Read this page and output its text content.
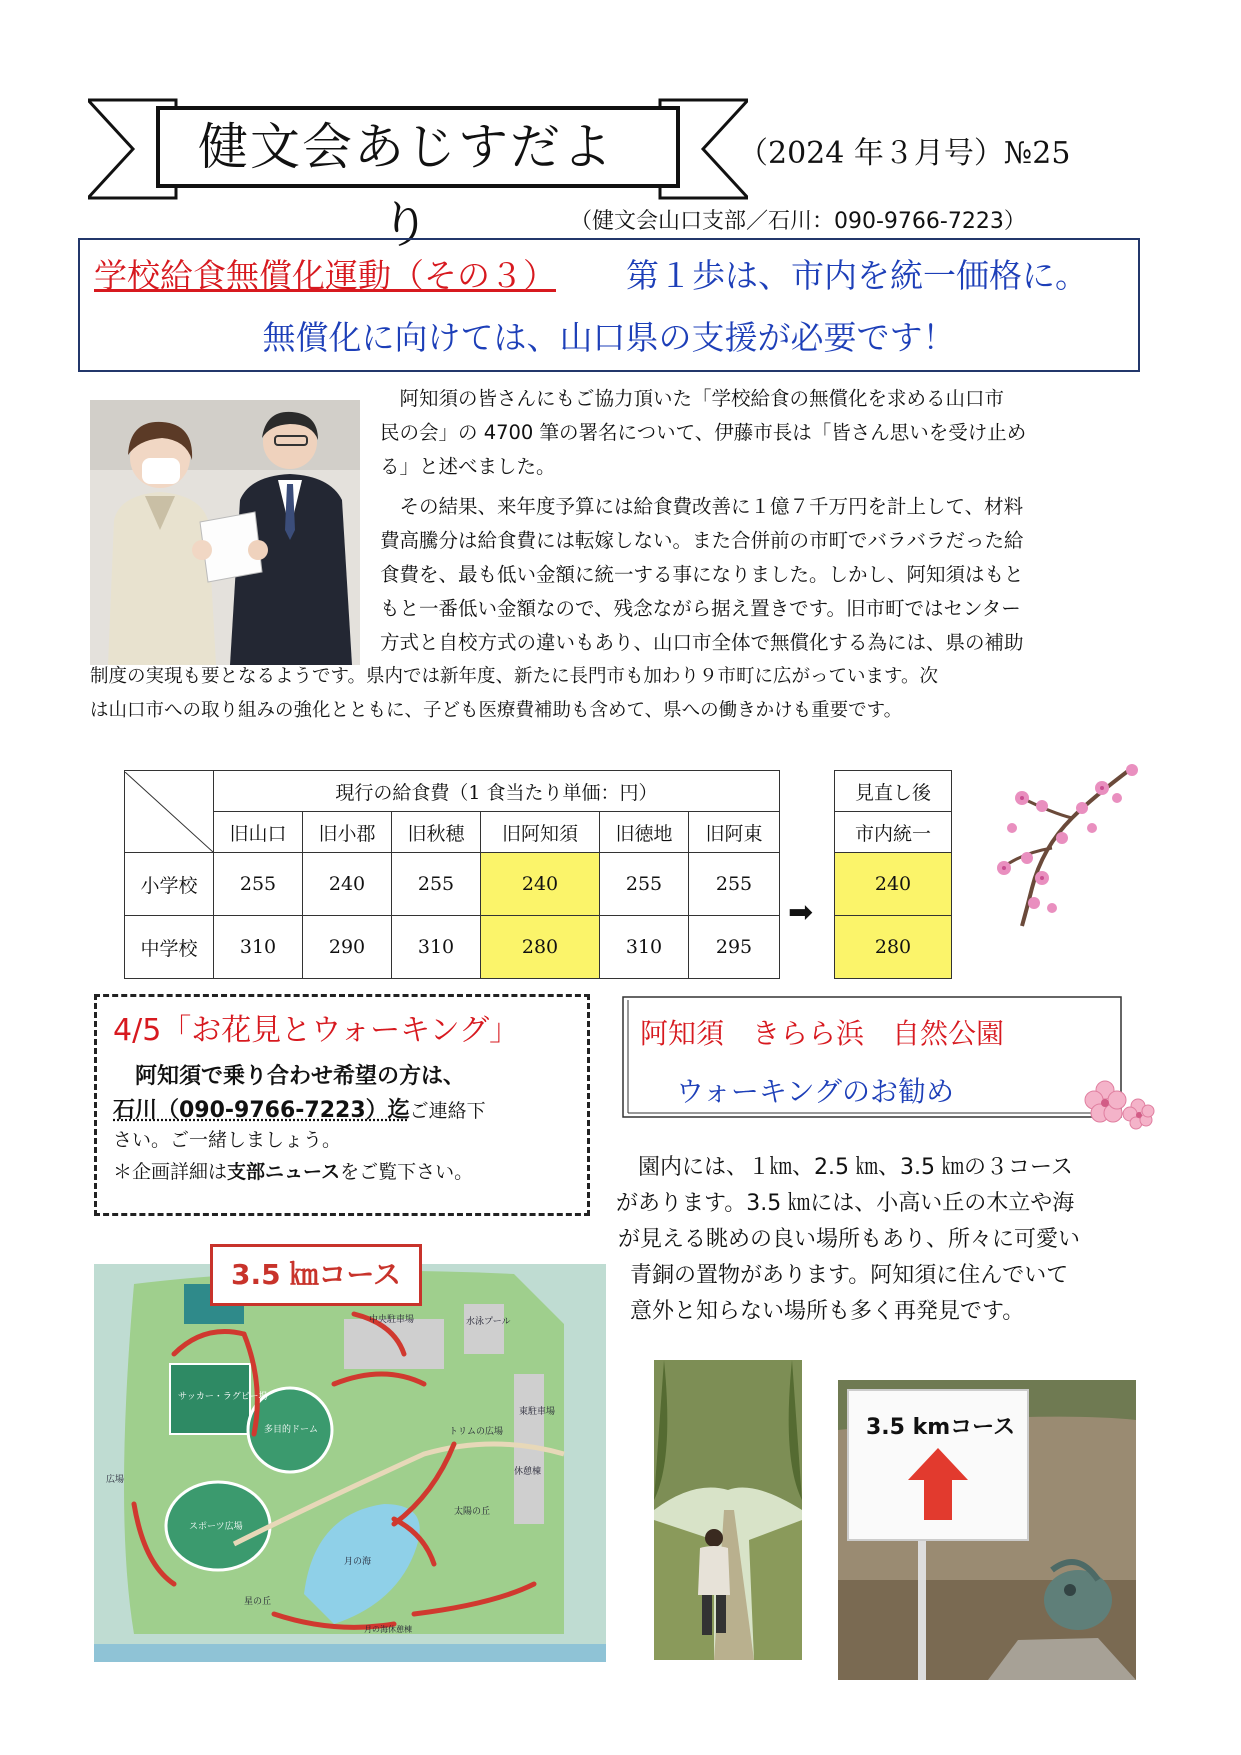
健文会あじすだより
（2024 年３月号）№25
（健文会山口支部／石川：090-9766-7223）
学校給食無償化運動（その３） 第１歩は、市内を統一価格に。
無償化に向けては、山口県の支援が必要です！
　阿知須の皆さんにもご協力頂いた「学校給食の無償化を求める山口市
民の会」の 4700 筆の署名について、伊藤市長は「皆さん思いを受け止め
る」と述べました。
　その結果、来年度予算には給食費改善に１億７千万円を計上して、材料
費高騰分は給食費には転嫁しない。また合併前の市町でバラバラだった給
食費を、最も低い金額に統一する事になりました。しかし、阿知須はもと
もと一番低い金額なので、残念ながら据え置きです。旧市町ではセンター
方式と自校方式の違いもあり、山口市全体で無償化する為には、県の補助
制度の実現も要となるようです。県内では新年度、新たに長門市も加わり９市町に広がっています。次
は山口市への取り組みの強化とともに、子ども医療費補助も含めて、県への働きかけも重要です。
	現行の給食費（1 食当たり単価：円）					
	旧山口	旧小郡	旧秋穂	旧阿知須	旧徳地	旧阿東
小学校	255	240	255	240	255	255
中学校	310	290	310	280	310	295
➡
見直し後
市内統一
240
280
4/5「お花見とウォーキング」
　阿知須で乗り合わせ希望の方は、
石川（090-9766-7223）迄ご連絡下
さい。ご一緒しましょう。
＊企画詳細は支部ニュースをご覧下さい。
阿知須　きらら浜　自然公園
ウォーキングのお勧め
園内には、１㎞、2.5 ㎞、3.5 ㎞の３コース
があります。3.5 ㎞には、小高い丘の木立や海
が見える眺めの良い場所もあり、所々に可愛い
青銅の置物があります。阿知須に住んでいて
意外と知らない場所も多く再発見です。
サッカー・ラグビー場
多目的ドーム
スポーツ広場
月の海
星の丘
中央駐車場	水泳プール
トリムの広場
太陽の丘
休憩棟
東駐車場
月の海休憩棟
広場
3.5 ㎞コース
3.5 kmコース
